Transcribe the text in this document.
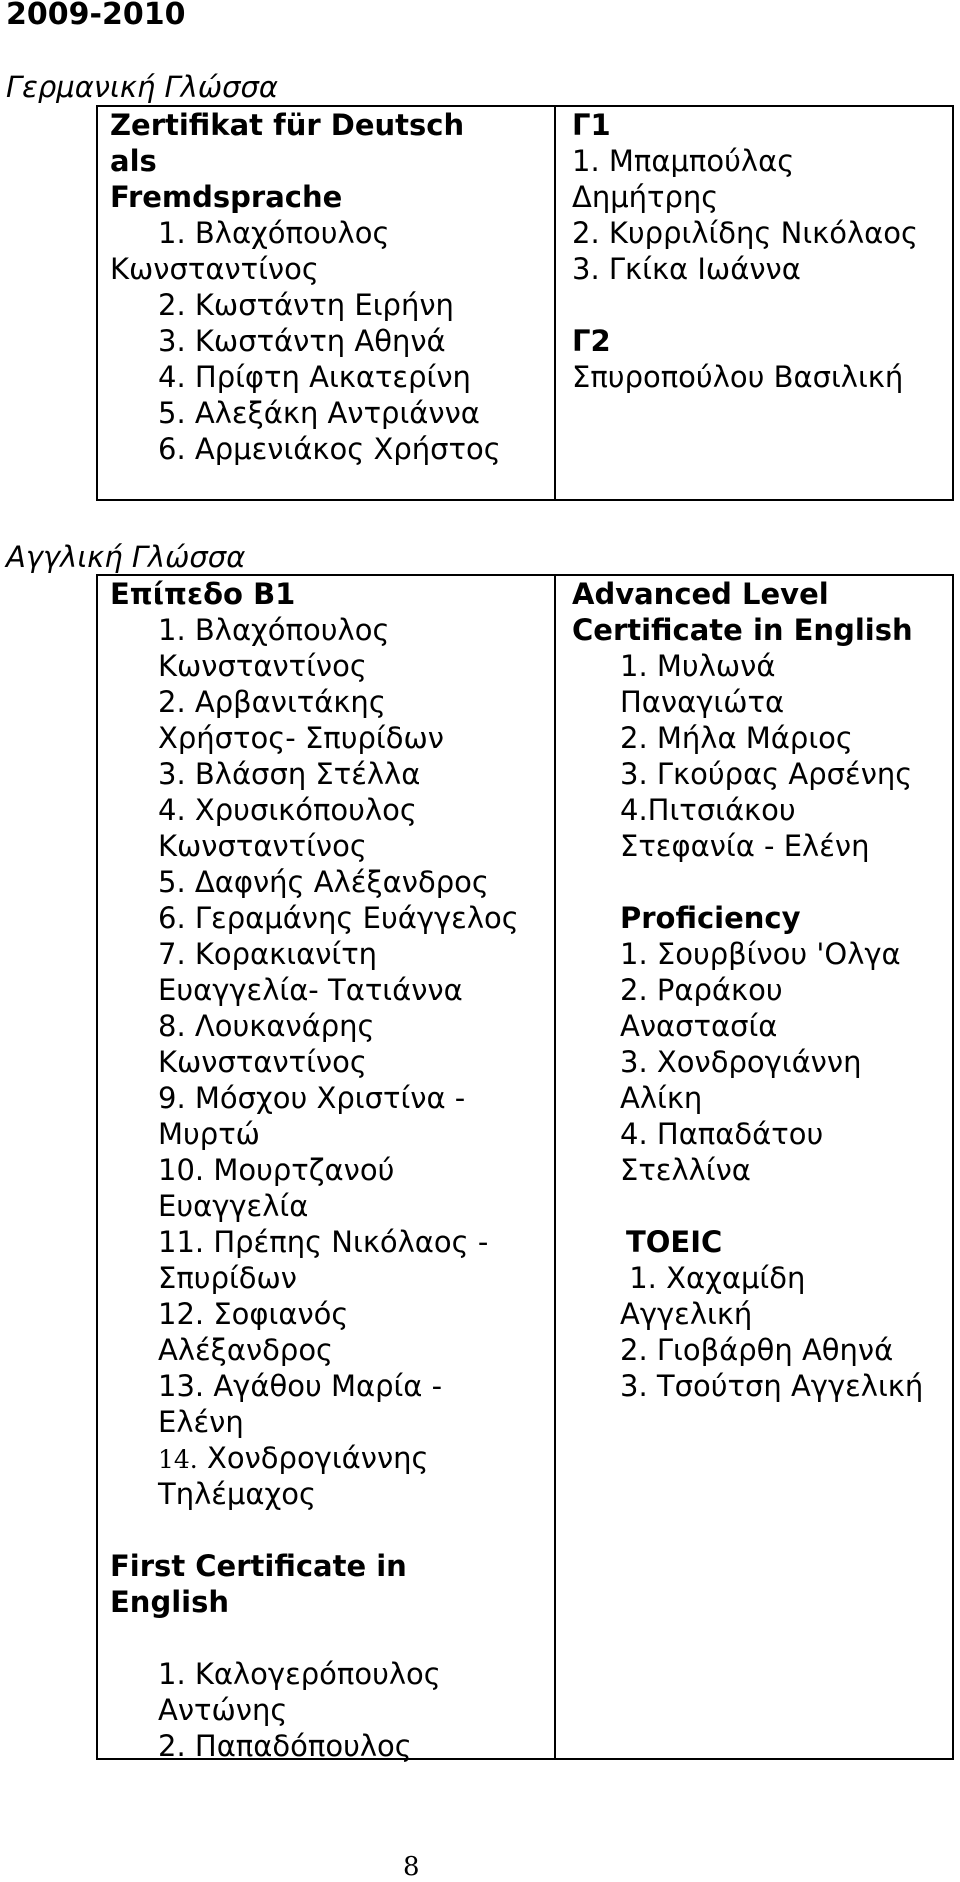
2009-2010
Γερμανική Γλώσσα
Zertifikat für Deutsch
als
Fremdsprache
1. Βλαχόπουλος
Κωνσταντίνος
2. Κωστάντη Ειρήνη
3. Κωστάντη Αθηνά
4. Πρίφτη Αικατερίνη
5. Αλεξάκη Αντριάννα
6. Αρμενιάκος Χρήστος
Γ1
1. Μπαμπούλας
Δημήτρης
2. Κυρριλίδης Νικόλαος
3. Γκίκα Ιωάννα
Γ2
Σπυροπούλου Βασιλική
Αγγλική Γλώσσα
Επίπεδο Β1
1. Βλαχόπουλος
Κωνσταντίνος
2. Αρβανιτάκης
Χρήστος- Σπυρίδων
3. Βλάσση Στέλλα
4. Χρυσικόπουλος
Κωνσταντίνος
5. Δαφνής Αλέξανδρος
6. Γεραμάνης Ευάγγελος
7. Κορακιανίτη
Ευαγγελία- Τατιάννα
8. Λουκανάρης
Κωνσταντίνος
9. Μόσχου Χριστίνα -
Μυρτώ
10. Μουρτζανού
Ευαγγελία
11. Πρέπης Νικόλαος -
Σπυρίδων
12. Σοφιανός
Αλέξανδρος
13. Αγάθου Μαρία -
Ελένη
14. Χονδρογιάννης
Τηλέμαχος
First Certificate in
English
1. Καλογερόπουλος
Αντώνης
2. Παπαδόπουλος
Advanced Level
Certificate in English
1. Μυλωνά
Παναγιώτα
2. Μήλα Μάριος
3. Γκούρας Αρσένης
4.Πιτσιάκου
Στεφανία - Ελένη
Proficiency
1. Σουρβίνου 'Ολγα
2. Ραράκου
Αναστασία
3. Χονδρογιάννη
Αλίκη
4. Παπαδάτου
Στελλίνα
TOEIC
1. Χαχαμίδη
Αγγελική
2. Γιοβάρθη Αθηνά
3. Τσούτση Αγγελική
8
